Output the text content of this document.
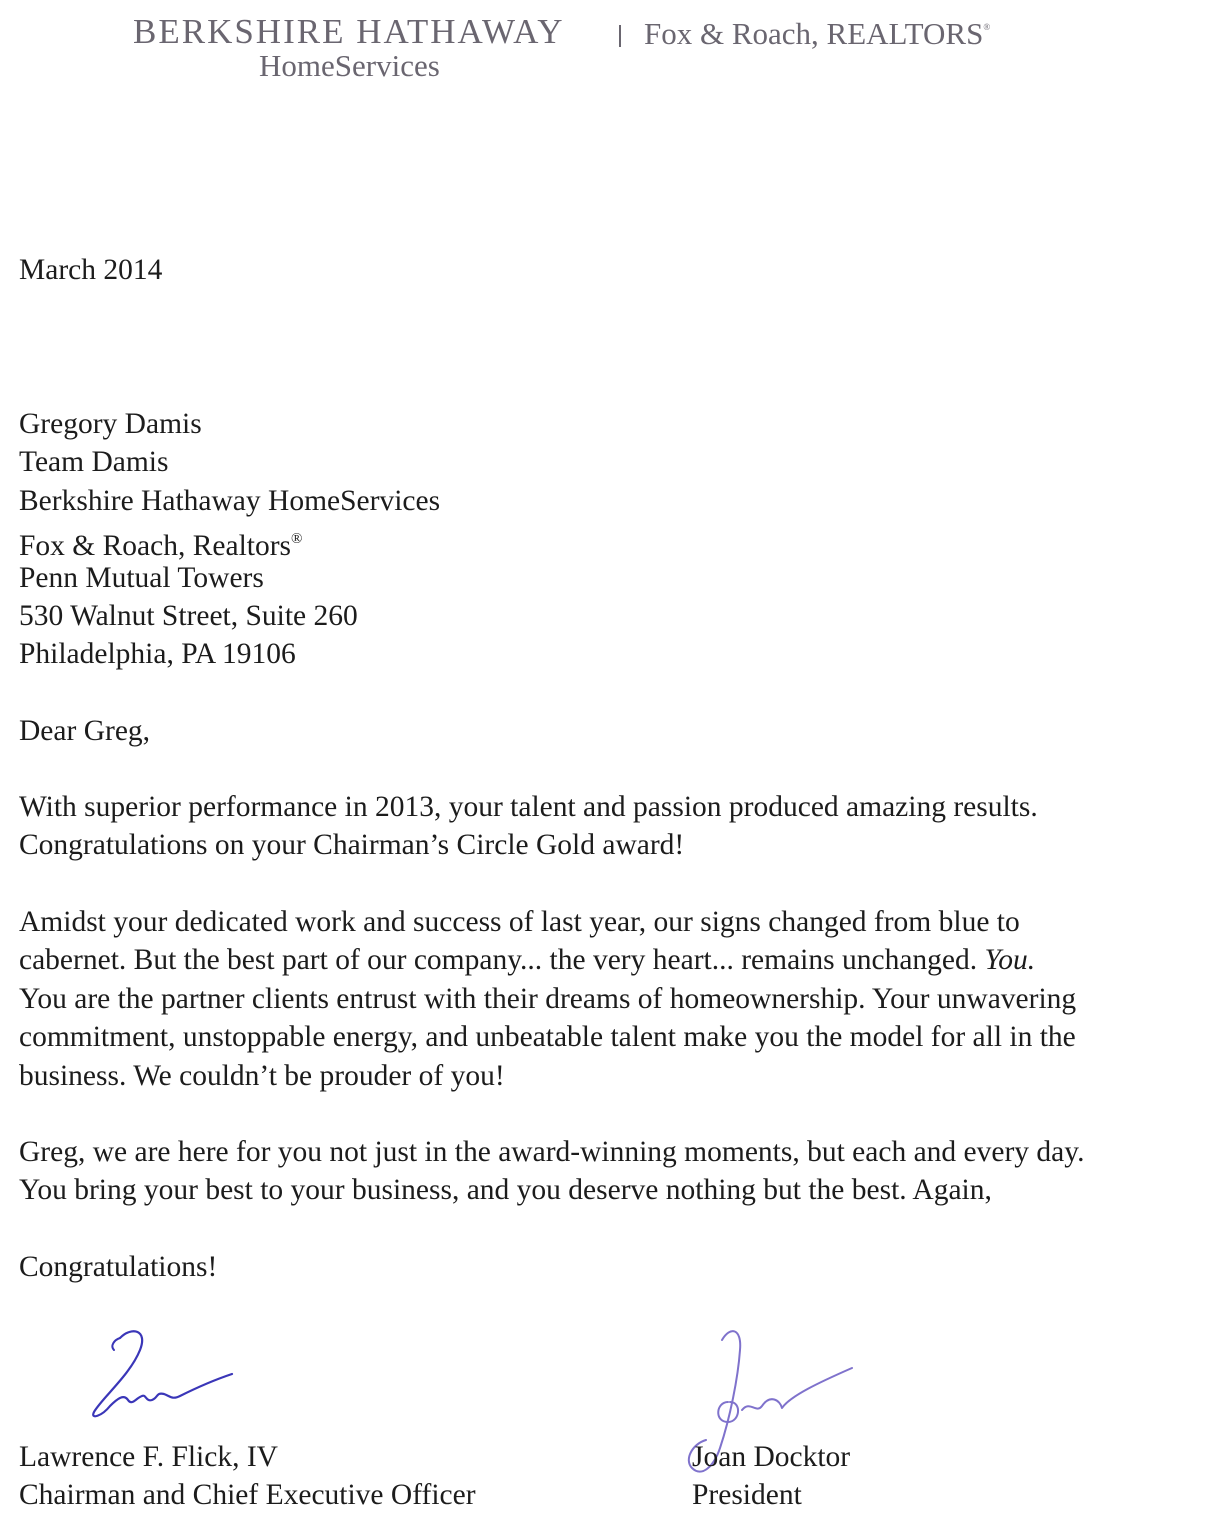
BERKSHIRE HATHAWAY	Fox & Roach, REALTORS®
HomeServices
March 2014
Gregory Damis
Team Damis
Berkshire Hathaway HomeServices
Fox & Roach, Realtors®
Penn Mutual Towers
530 Walnut Street, Suite 260
Philadelphia, PA 19106
Dear Greg,
With superior performance in 2013, your talent and passion produced amazing results.
Congratulations on your Chairman’s Circle Gold award!
Amidst your dedicated work and success of last year, our signs changed from blue to
cabernet. But the best part of our company... the very heart... remains unchanged. You.
You are the partner clients entrust with their dreams of homeownership. Your unwavering
commitment, unstoppable energy, and unbeatable talent make you the model for all in the
business. We couldn’t be prouder of you!
Greg, we are here for you not just in the award-winning moments, but each and every day.
You bring your best to your business, and you deserve nothing but the best. Again,
Congratulations!
Lawrence F. Flick, IV
Chairman and Chief Executive Officer
Joan Docktor
President
